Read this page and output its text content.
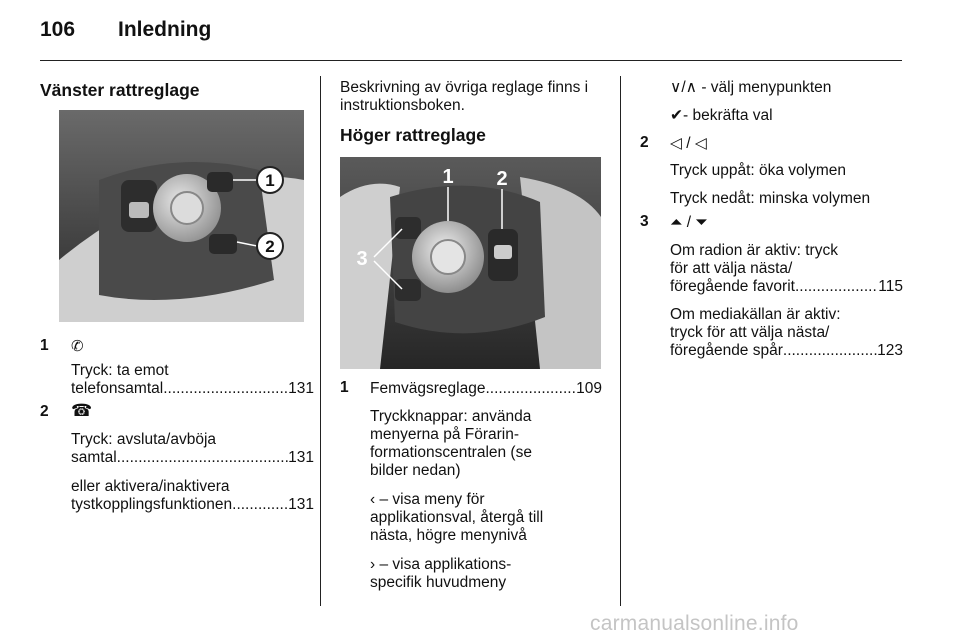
106 Inledning
Vänster rattreglage
1
2
1 ✆
Tryck: ta emot
telefonsamtal .....	131
2 ☎
Tryck: avsluta/avböja
samtal .....	131
eller aktivera/inaktivera
tystkopplingsfunktionen .....	131
Beskrivning av övriga reglage finns i
instruktionsboken.
Höger rattreglage
1 2
3
1 Femvägsreglage .....	109
Tryckknappar: använda
menyerna på Förarin-
formationscentralen (se
bilder nedan)
‹ – visa meny för
applikationsval, återgå till
nästa, högre menynivå
› – visa applikations-
specifik huvudmeny
∨/∧ - välj menypunkten
✔- bekräfta val
2 ◁ / ◁
Tryck uppåt: öka volymen
Tryck nedåt: minska volymen
3 ⏶ / ⏷
Om radion är aktiv: tryck
för att välja nästa/
föregående favorit .....	115
Om mediakällan är aktiv:
tryck för att välja nästa/
föregående spår .....	123
carmanualsonline.info
